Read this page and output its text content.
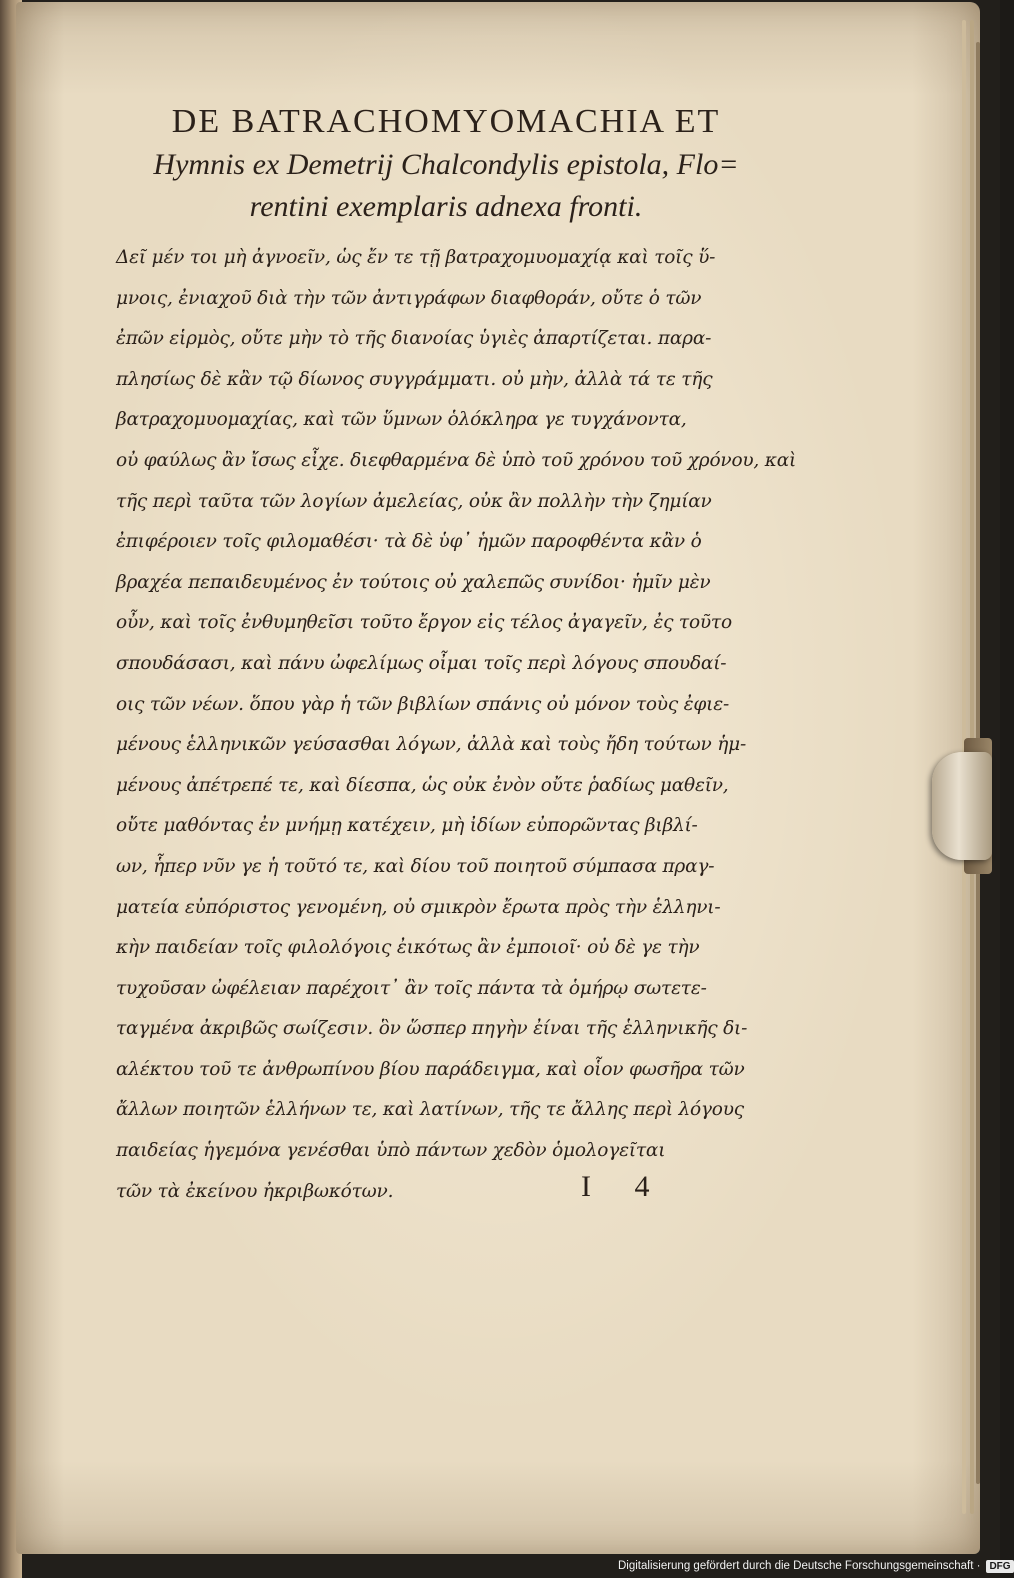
DE BATRACHOMYOMACHIA ET

Hymnis ex Demetrij Chalcondylis epistola, Flo=

rentini exemplaris adnexa fronti.

Δεῖ μέν τοι μὴ ἀγνοεῖν, ὡς ἔν τε τῇ βατραχομυομαχίᾳ καὶ τοῖς ὕ-
μνοις, ἐνιαχοῦ διὰ τὴν τῶν ἀντιγράφων διαφθοράν, οὔτε ὁ τῶν
ἐπῶν εἱρμὸς, οὔτε μὴν τὸ τῆς διανοίας ὑγιὲς ἀπαρτίζεται. παρα-
πλησίως δὲ κἂν τῷ δίωνος συγγράμματι. οὐ μὴν, ἀλλὰ τά τε τῆς
βατραχομυομαχίας, καὶ τῶν ὕμνων ὁλόκληρα γε τυγχάνοντα,
οὐ φαύλως ἂν ἴσως εἶχε. διεφθαρμένα δὲ ὑπὸ τοῦ χρόνου τοῦ χρόνου, καὶ
τῆς περὶ ταῦτα τῶν λογίων ἀμελείας, οὐκ ἂν πολλὴν τὴν ζημίαν
ἐπιφέροιεν τοῖς φιλομαθέσι· τὰ δὲ ὑφ᾽ ἡμῶν παροφθέντα κἂν ὁ
βραχέα πεπαιδευμένος ἐν τούτοις οὐ χαλεπῶς συνίδοι· ἡμῖν μὲν
οὖν, καὶ τοῖς ἐνθυμηθεῖσι τοῦτο ἔργον εἰς τέλος ἀγαγεῖν, ἐς τοῦτο
σπουδάσασι, καὶ πάνυ ὠφελίμως οἶμαι τοῖς περὶ λόγους σπουδαί-
οις τῶν νέων. ὅπου γὰρ ἡ τῶν βιβλίων σπάνις οὐ μόνον τοὺς ἐφιε-
μένους ἑλληνικῶν γεύσασθαι λόγων, ἀλλὰ καὶ τοὺς ἤδη τούτων ἡμ-
μένους ἀπέτρεπέ τε, καὶ δίεσπα, ὡς οὐκ ἐνὸν οὔτε ῥαδίως μαθεῖν,
οὔτε μαθόντας ἐν μνήμῃ κατέχειν, μὴ ἰδίων εὐπορῶντας βιβλί-
ων, ἧπερ νῦν γε ἡ τοῦτό τε, καὶ δίου τοῦ ποιητοῦ σύμπασα πραγ-
ματεία εὐπόριστος γενομένη, οὐ σμικρὸν ἔρωτα πρὸς τὴν ἑλληνι-
κὴν παιδείαν τοῖς φιλολόγοις ἐικότως ἂν ἐμποιοῖ· οὐ δὲ γε τὴν
τυχοῦσαν ὠφέλειαν παρέχοιτ᾽ ἂν τοῖς πάντα τὰ ὁμήρῳ σωτετε-
ταγμένα ἀκριβῶς σωίζεσιν. ὃν ὥσπερ πηγὴν ἐίναι τῆς ἑλληνικῆς δι-
αλέκτου τοῦ τε ἀνθρωπίνου βίου παράδειγμα, καὶ οἷον φωσῆρα τῶν
ἄλλων ποιητῶν ἑλλήνων τε, καὶ λατίνων, τῆς τε ἄλλης περὶ λόγους
παιδείας ἡγεμόνα γενέσθαι ὑπὸ πάντων χεδὸν ὁμολογεῖται
τῶν τὰ ἐκείνου ἠκριβωκότων.	I 4
Digitalisierung gefördert durch die Deutsche Forschungsgemeinschaft · DFG
